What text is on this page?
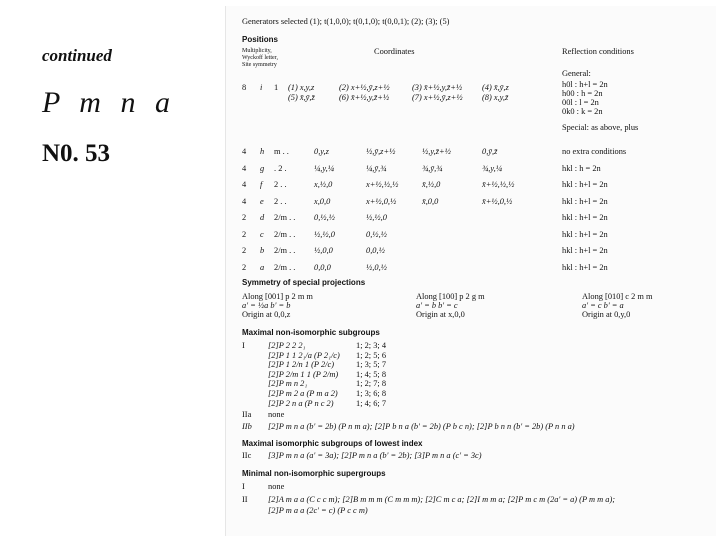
continued
P m n a
N0. 53
Generators selected (1); t(1,0,0); t(0,1,0); t(0,0,1); (2); (3); (5)
Positions
Multiplicity,
Wyckoff letter,
Site symmetry
Coordinates	Reflection conditions
8 i 1 (1) x,y,z	(2) x+½,ȳ,z+½	(3) x̄+½,y,z̄+½ (4) x̄,ȳ,z
(5) x̄,ȳ,z̄	(6) x̄+½,y,z̄+½	(7) x+½,ȳ,z+½ (8) x,y,z̄
General:
h0l : h+l = 2n
h00 : h = 2n
00l : l = 2n
0k0 : k = 2n
Special: as above, plus
4 h m . .	0,y,z	½,ȳ,z+½	½,y,z̄+½	0,ȳ,z̄	no extra conditions
4 g . 2 .	¼,y,¼	¼,ȳ,¾	¾,ȳ,¾	¾,y,¼	hkl : h = 2n
4 f 2 . .	x,½,0	x+½,½,½	x̄,½,0	x̄+½,½,½	hkl : h+l = 2n
4 e 2 . .	x,0,0	x+½,0,½	x̄,0,0	x̄+½,0,½	hkl : h+l = 2n
2 d 2/m . . 0,½,½	½,½,0	hkl : h+l = 2n
2 c 2/m . . ½,½,0	0,½,½	hkl : h+l = 2n
2 b 2/m . . ½,0,0	0,0,½	hkl : h+l = 2n
2 a 2/m . . 0,0,0	½,0,½	hkl : h+l = 2n
Symmetry of special projections
Along [001] p 2 m m
a' = ½a b' = b
Origin at 0,0,z
Along [100] p 2 g m
a' = b b' = c
Origin at x,0,0
Along [010] c 2 m m
a' = c b' = a
Origin at 0,y,0
Maximal non-isomorphic subgroups
I	[2]P 2 2 2₁	1; 2; 3; 4
[2]P 1 1 2₁/a (P 2₁/c) 1; 2; 5; 6
[2]P 1 2/n 1 (P 2/c)	1; 3; 5; 7
[2]P 2/m 1 1 (P 2/m) 1; 4; 5; 8
[2]P m n 2₁	1; 2; 7; 8
[2]P m 2 a (P m a 2) 1; 3; 6; 8
[2]P 2 n a (P n c 2)	1; 4; 6; 7
IIa none
IIb [2]P m n a (b' = 2b) (P n m a); [2]P b n a (b' = 2b) (P b c n); [2]P b n n (b' = 2b) (P n n a)
Maximal isomorphic subgroups of lowest index
IIc [3]P m n a (a' = 3a); [2]P m n a (b' = 2b); [3]P m n a (c' = 3c)
Minimal non-isomorphic supergroups
I	none
II [2]A m a a (C c c m); [2]B m m m (C m m m); [2]C m c a; [2]I m m a; [2]P m c m (2a' = a) (P m m a);
[2]P m a a (2c' = c) (P c c m)
